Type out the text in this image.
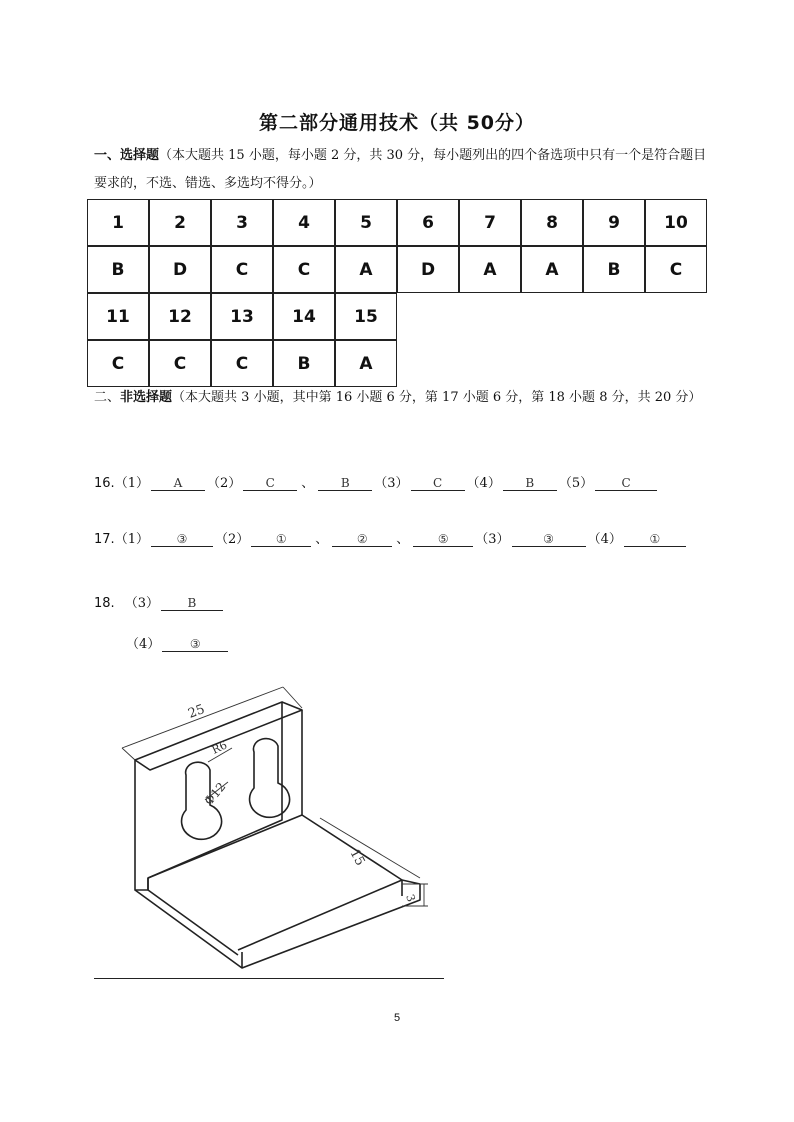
第二部分通用技术（共 50分）
一、选择题（本大题共 15 小题，每小题 2 分，共 30 分，每小题列出的四个备选项中只有一个是符合题目要求的，不选、错选、多选均不得分。）
1	2	3	4	5	6	7	8	9	10
B	D	C	C	A	D	A	A	B	C
11	12	13	14	15
C	C	C	B	A
二、非选择题（本大题共 3 小题，其中第 16 小题 6 分，第 17 小题 6 分，第 18 小题 8 分，共 20 分）
16. （1）	A	（2）	C	、	B	（3）	C	（4）	B	（5）	C
17. （1）	③	（2）	①	、	②	、	⑤	（3）	③	（4）	①
18. （3）	B
（4）	③
25
R6
Φ12
15
3
5
